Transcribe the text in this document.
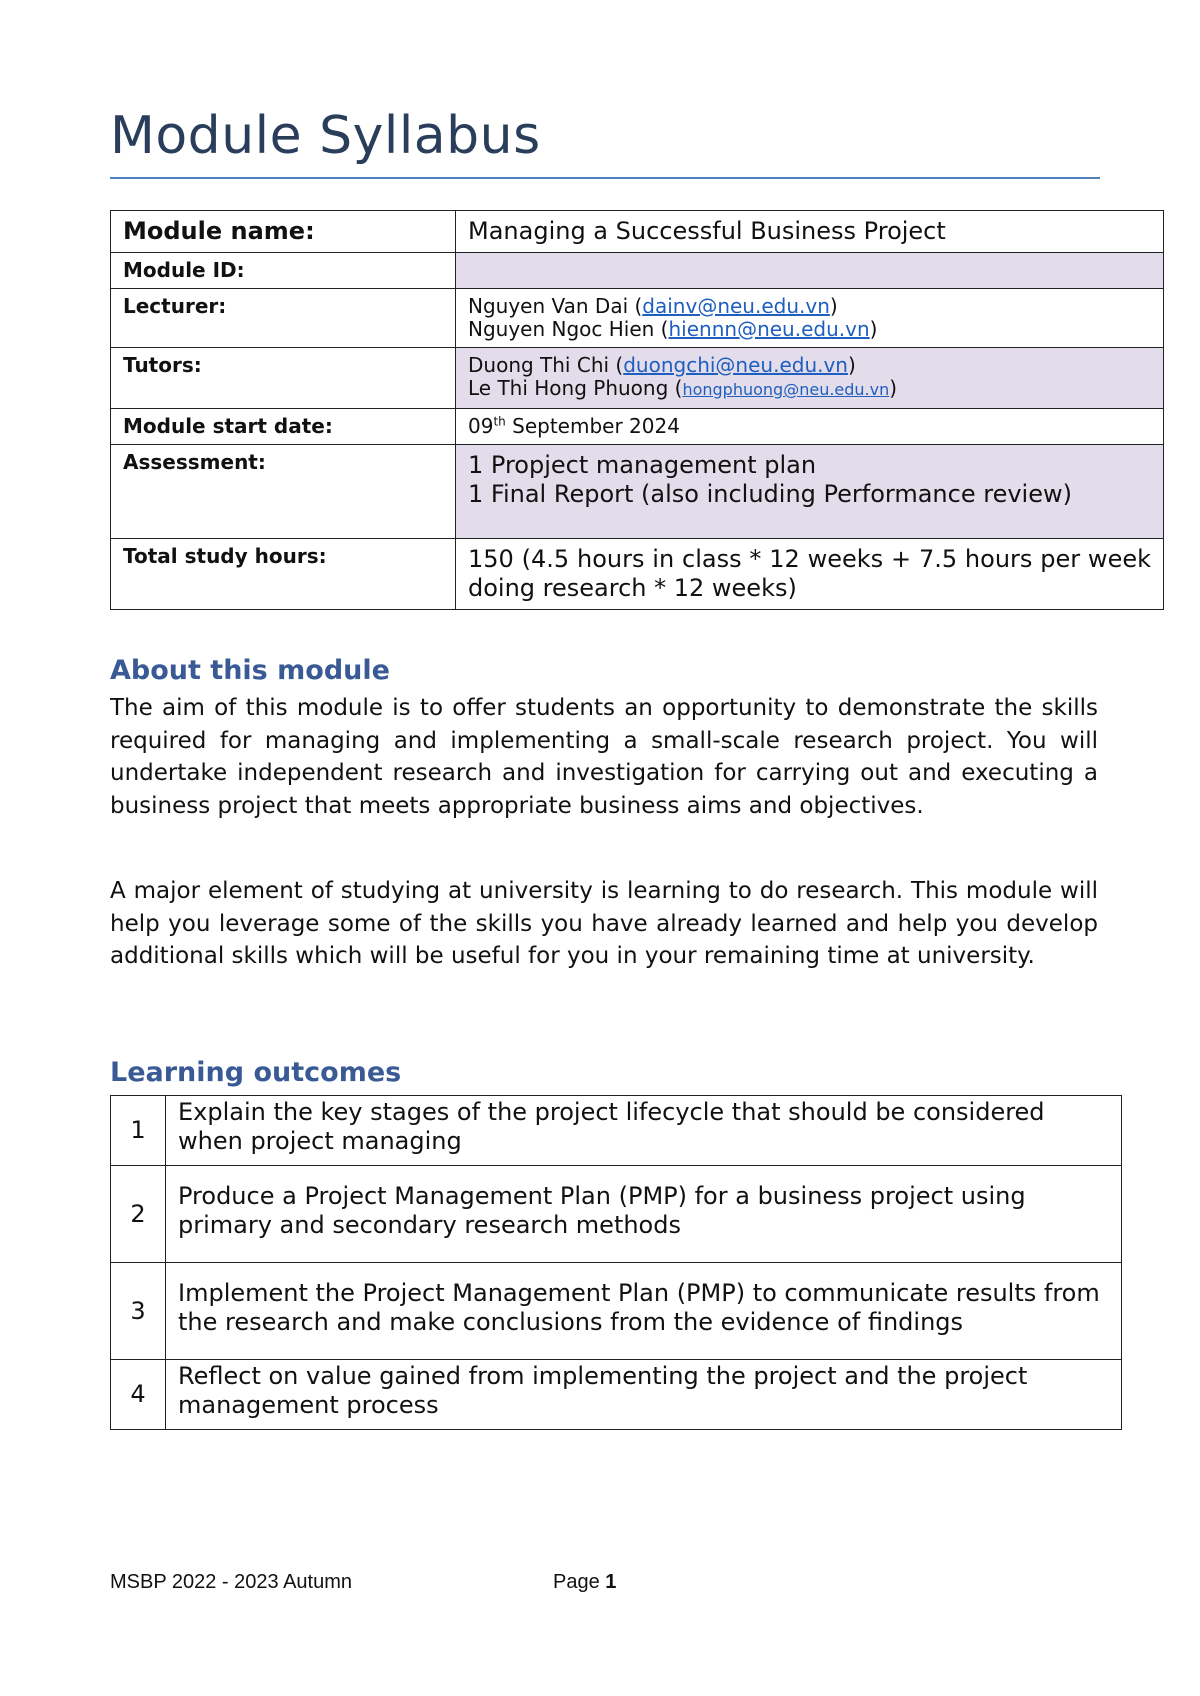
Module Syllabus
Module name:	Managing a Successful Business Project
Module ID:	
Lecturer:	Nguyen Van Dai (dainv@neu.edu.vn)
Nguyen Ngoc Hien (hiennn@neu.edu.vn)

Tutors:	Duong Thi Chi (duongchi@neu.edu.vn)
Le Thi Hong Phuong (hongphuong@neu.edu.vn)

Module start date:	09th September 2024
Assessment:	1 Propject management plan
1 Final Report (also including Performance review)

Total study hours:	150 (4.5 hours in class * 12 weeks + 7.5 hours per week doing research * 12 weeks)
About this module

The aim of this module is to offer students an opportunity to demonstrate the skills required for managing and implementing a small-scale research project. You will undertake independent research and investigation for carrying out and executing a business project that meets appropriate business aims and objectives.

A major element of studying at university is learning to do research. This module will help you leverage some of the skills you have already learned and help you develop additional skills which will be useful for you in your remaining time at university.

Learning outcomes
1	Explain the key stages of the project lifecycle that should be considered when project managing
2	Produce a Project Management Plan (PMP) for a business project using primary and secondary research methods
3	Implement the Project Management Plan (PMP) to communicate results from the research and make conclusions from the evidence of findings
4	Reflect on value gained from implementing the project and the project management process
MSBP 2022 - 2023 Autumn	Page 1
